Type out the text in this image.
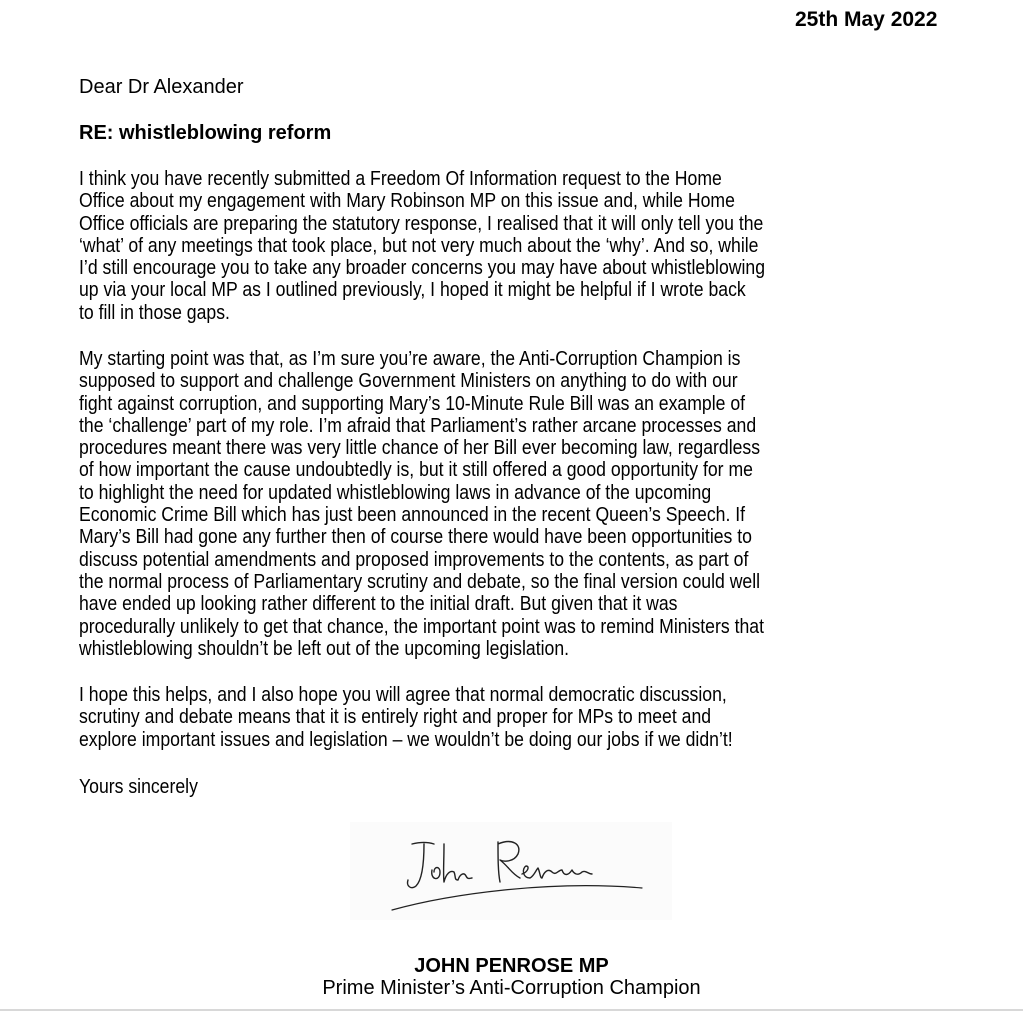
25th May 2022
Dear Dr Alexander
RE: whistleblowing reform
I think you have recently submitted a Freedom Of Information request to the Home
Office about my engagement with Mary Robinson MP on this issue and, while Home
Office officials are preparing the statutory response, I realised that it will only tell you the
‘what’ of any meetings that took place, but not very much about the ‘why’. And so, while
I’d still encourage you to take any broader concerns you may have about whistleblowing
up via your local MP as I outlined previously, I hoped it might be helpful if I wrote back
to fill in those gaps.
My starting point was that, as I’m sure you’re aware, the Anti-Corruption Champion is
supposed to support and challenge Government Ministers on anything to do with our
fight against corruption, and supporting Mary’s 10-Minute Rule Bill was an example of
the ‘challenge’ part of my role. I’m afraid that Parliament’s rather arcane processes and
procedures meant there was very little chance of her Bill ever becoming law, regardless
of how important the cause undoubtedly is, but it still offered a good opportunity for me
to highlight the need for updated whistleblowing laws in advance of the upcoming
Economic Crime Bill which has just been announced in the recent Queen’s Speech. If
Mary’s Bill had gone any further then of course there would have been opportunities to
discuss potential amendments and proposed improvements to the contents, as part of
the normal process of Parliamentary scrutiny and debate, so the final version could well
have ended up looking rather different to the initial draft. But given that it was
procedurally unlikely to get that chance, the important point was to remind Ministers that
whistleblowing shouldn’t be left out of the upcoming legislation.
I hope this helps, and I also hope you will agree that normal democratic discussion,
scrutiny and debate means that it is entirely right and proper for MPs to meet and
explore important issues and legislation – we wouldn’t be doing our jobs if we didn’t!
Yours sincerely
JOHN PENROSE MP
Prime Minister’s Anti-Corruption Champion
